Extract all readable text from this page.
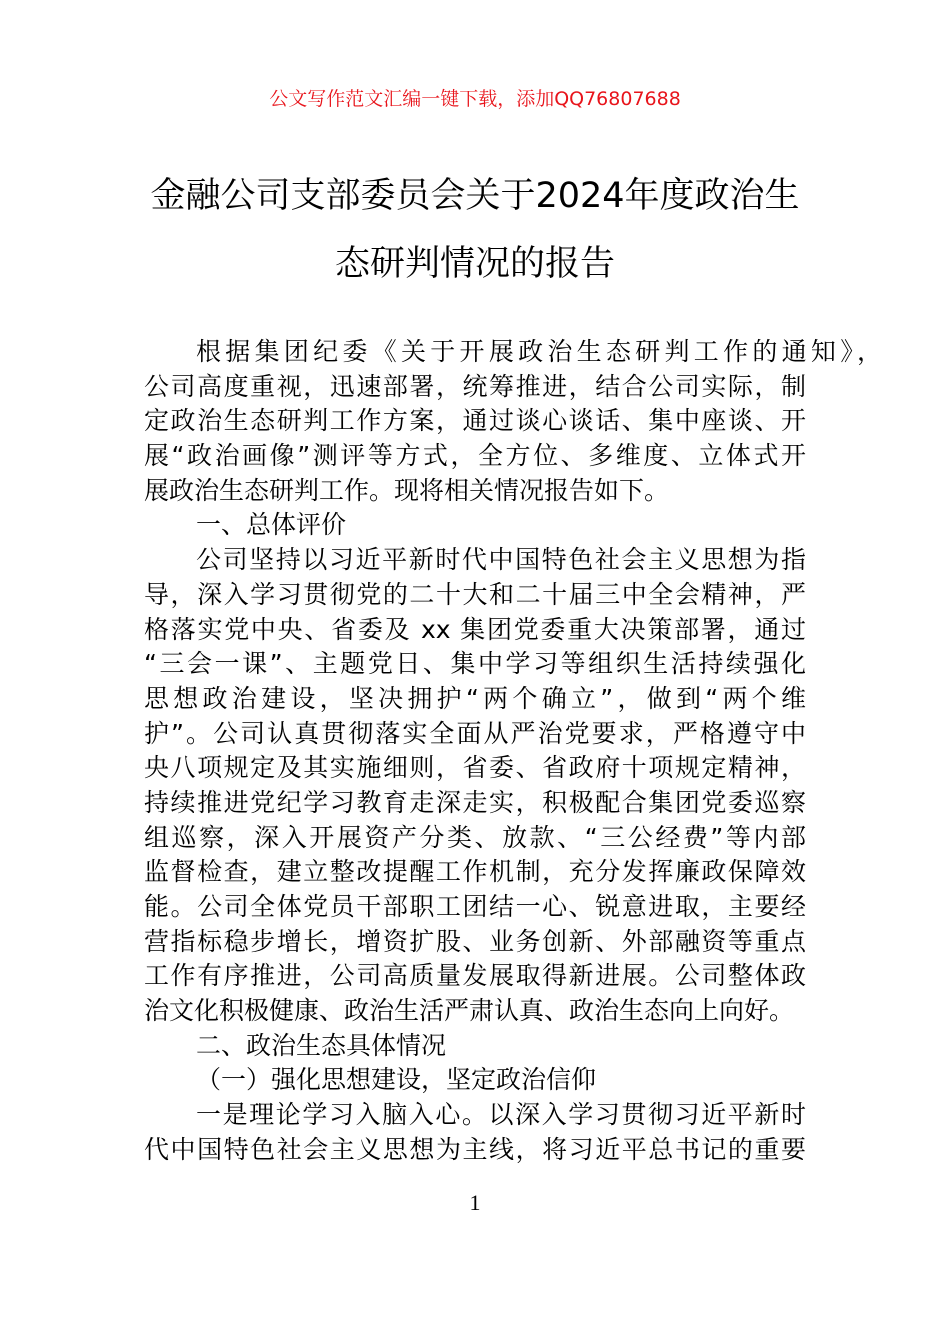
公文写作范文汇编一键下载，添加QQ76807688
金融公司支部委员会关于2024年度政治生
态研判情况的报告
根据集团纪委《关于开展政治生态研判工作的通知》，
公司高度重视，迅速部署，统筹推进，结合公司实际，制
定政治生态研判工作方案，通过谈心谈话、集中座谈、开
展“政治画像”测评等方式，全方位、多维度、立体式开
展政治生态研判工作。现将相关情况报告如下。
一、总体评价
公司坚持以习近平新时代中国特色社会主义思想为指
导，深入学习贯彻党的二十大和二十届三中全会精神，严
格落实党中央、省委及 xx 集团党委重大决策部署，通过
“三会一课”、主题党日、集中学习等组织生活持续强化
思想政治建设，坚决拥护“两个确立”，做到“两个维
护”。公司认真贯彻落实全面从严治党要求，严格遵守中
央八项规定及其实施细则，省委、省政府十项规定精神，
持续推进党纪学习教育走深走实，积极配合集团党委巡察
组巡察，深入开展资产分类、放款、“三公经费”等内部
监督检查，建立整改提醒工作机制，充分发挥廉政保障效
能。公司全体党员干部职工团结一心、锐意进取，主要经
营指标稳步增长，增资扩股、业务创新、外部融资等重点
工作有序推进，公司高质量发展取得新进展。公司整体政
治文化积极健康、政治生活严肃认真、政治生态向上向好。
二、政治生态具体情况
（一）强化思想建设，坚定政治信仰
一是理论学习入脑入心。以深入学习贯彻习近平新时
代中国特色社会主义思想为主线，将习近平总书记的重要
1
